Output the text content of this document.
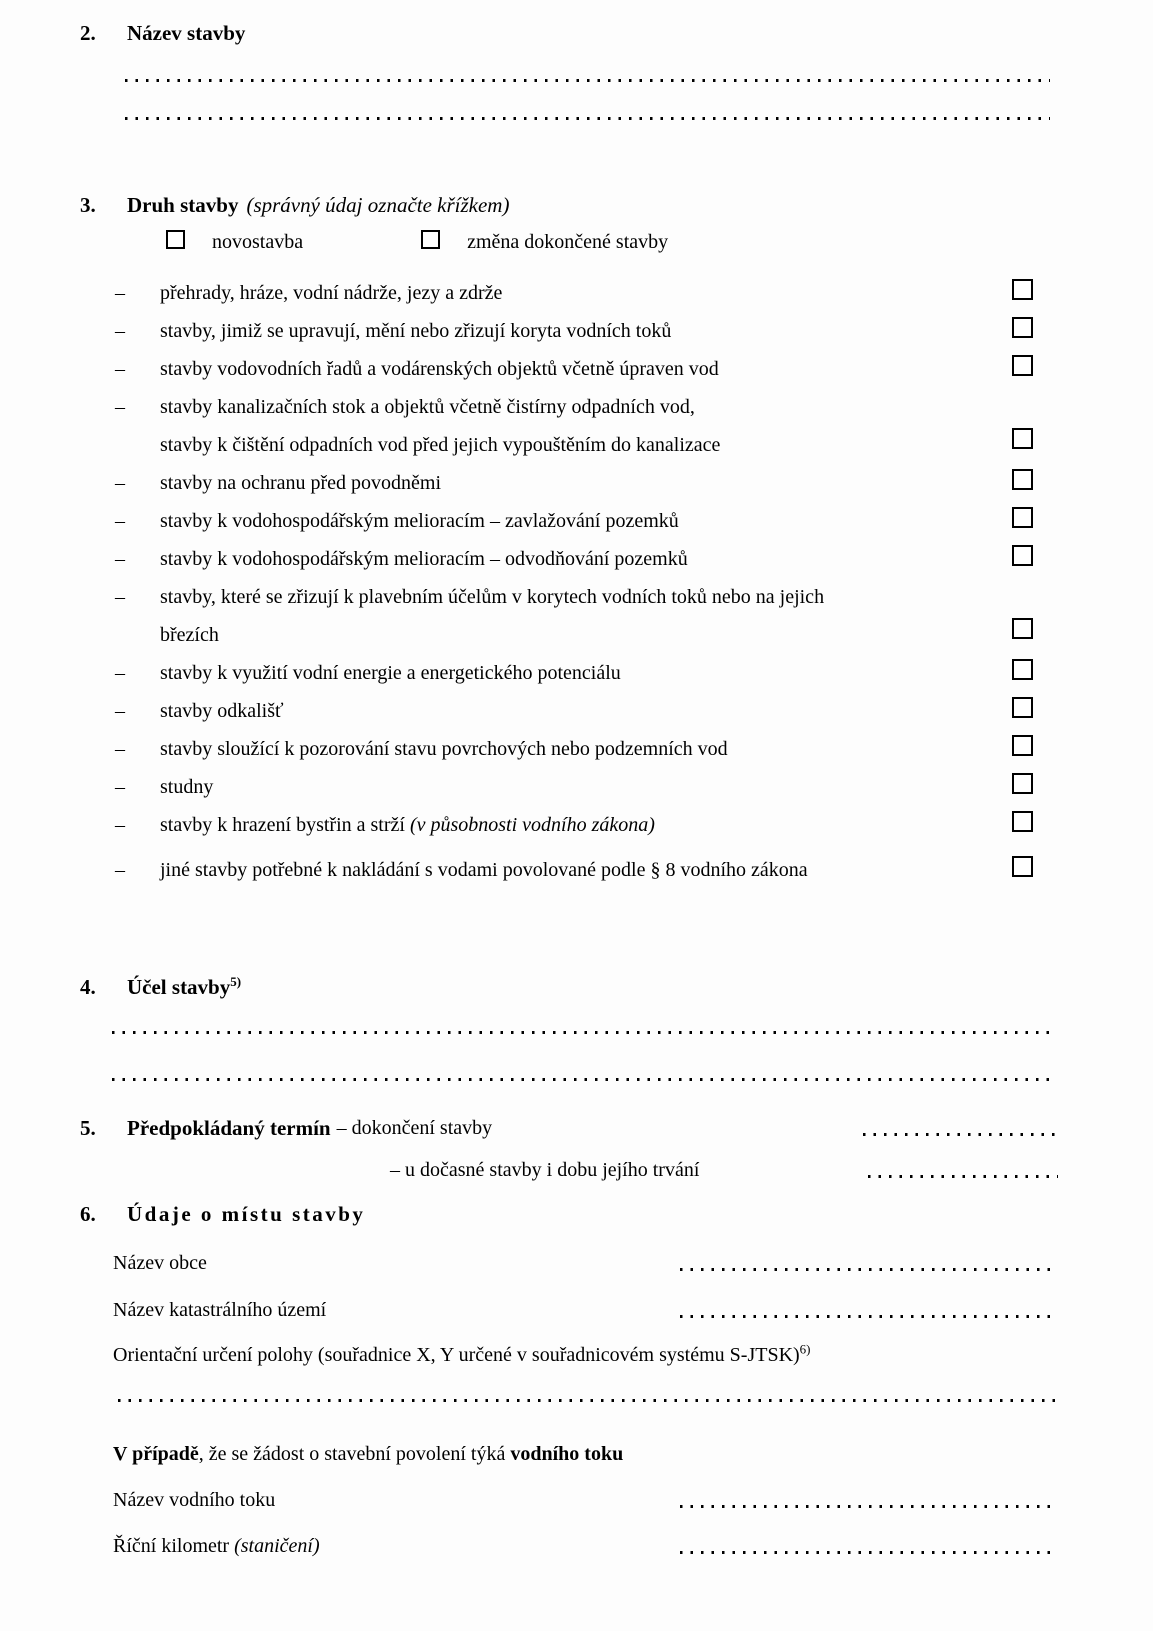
2.	Název stavby
3.	Druh stavby (správný údaj označte křížkem)
novostavba	změna dokončené stavby
–	přehrady, hráze, vodní nádrže, jezy a zdrže
–	stavby, jimiž se upravují, mění nebo zřizují koryta vodních toků
–	stavby vodovodních řadů a vodárenských objektů včetně úpraven vod
–	stavby kanalizačních stok a objektů včetně čistírny odpadních vod,
stavby k čištění odpadních vod před jejich vypouštěním do kanalizace
–	stavby na ochranu před povodněmi
–	stavby k vodohospodářským melioracím – zavlažování pozemků
–	stavby k vodohospodářským melioracím – odvodňování pozemků
–	stavby, které se zřizují k plavebním účelům v korytech vodních toků nebo na jejich
březích
–	stavby k využití vodní energie a energetického potenciálu
–	stavby odkališť
–	stavby sloužící k pozorování stavu povrchových nebo podzemních vod
–	studny
–	stavby k hrazení bystřin a strží (v působnosti vodního zákona)
–	jiné stavby potřebné k nakládání s vodami povolované podle § 8 vodního zákona
4.	Účel stavby$^{5)}$
5.	Předpokládaný termín – dokončení stavby
– u dočasné stavby i dobu jejího trvání
6.	Údaje o místu stavby
Název obce
Název katastrálního území
Orientační určení polohy (souřadnice X, Y určené v souřadnicovém systému S-JTSK)$^{6)}$
V případě, že se žádost o stavební povolení týká vodního toku
Název vodního toku
Říční kilometr (staničení)
